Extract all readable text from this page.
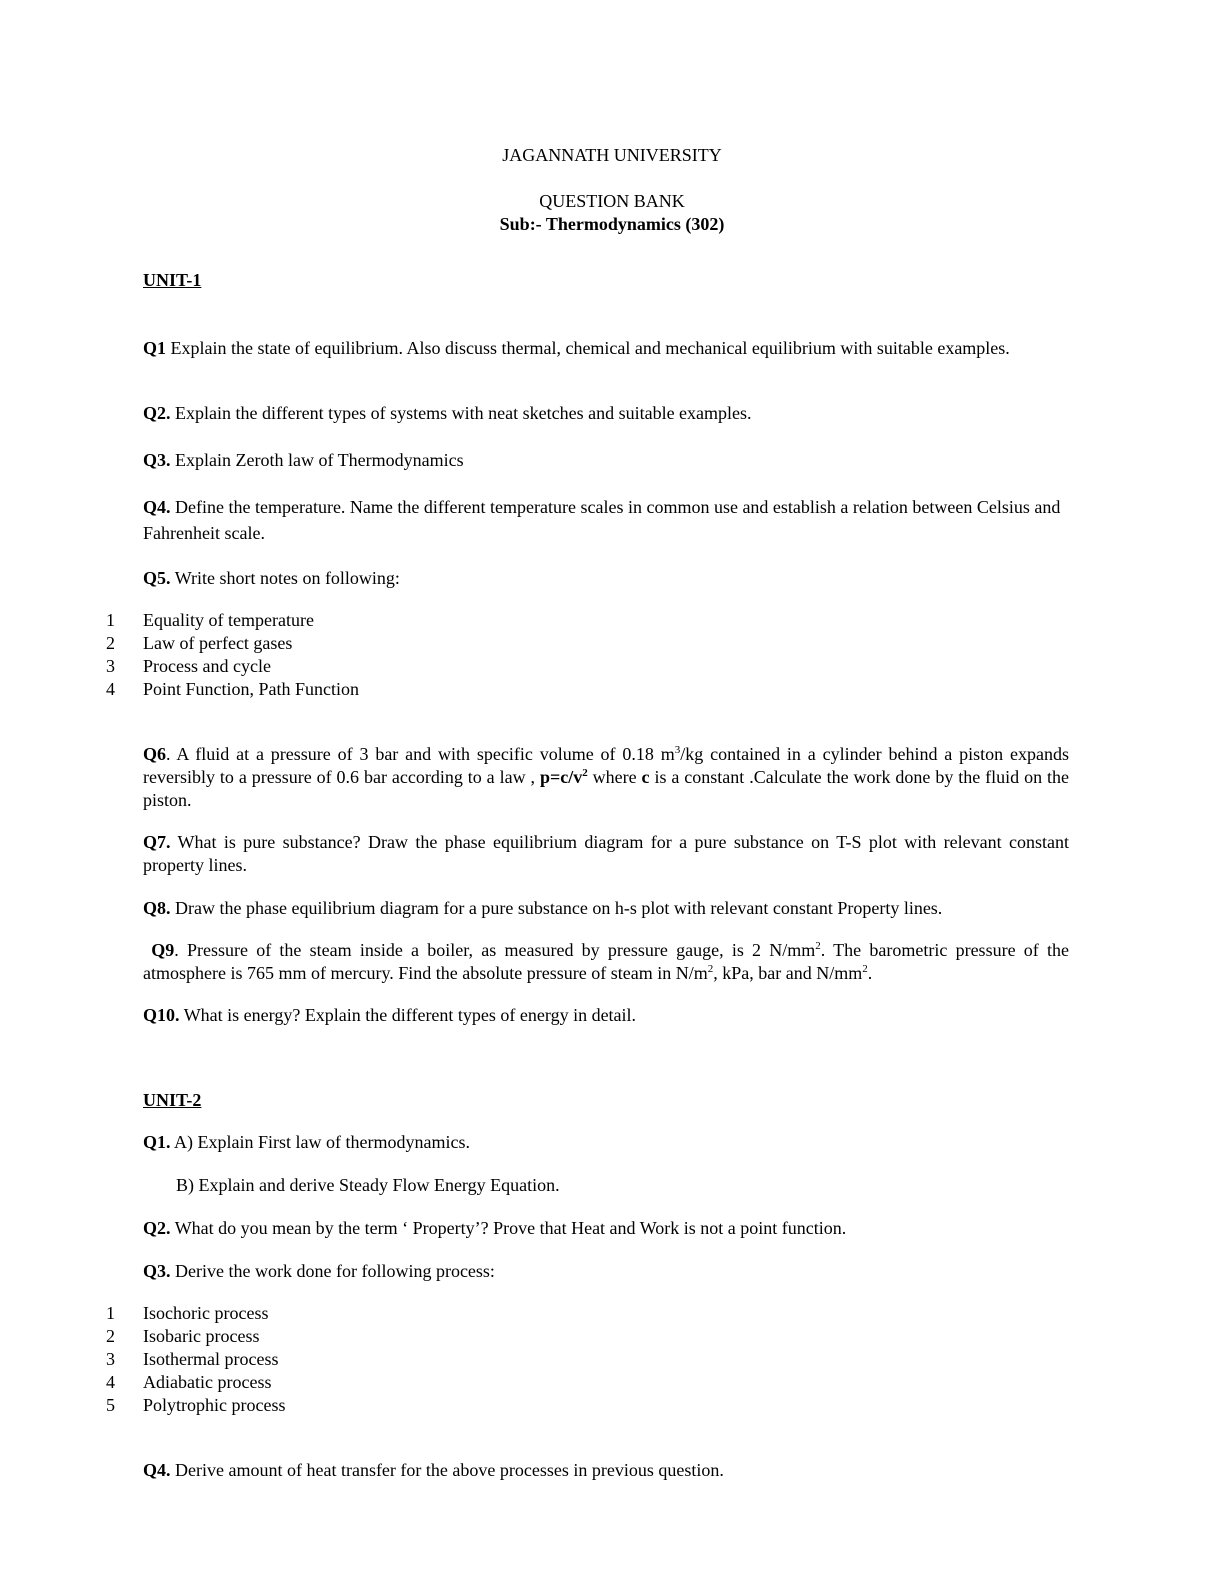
JAGANNATH UNIVERSITY
QUESTION BANK
Sub:- Thermodynamics (302)
UNIT-1
Q1 Explain the state of equilibrium. Also discuss thermal, chemical and mechanical equilibrium with suitable examples.
Q2. Explain the different types of systems with neat sketches and suitable examples.
Q3. Explain Zeroth law of Thermodynamics
Q4. Define the temperature. Name the different temperature scales in common use and establish a relation between Celsius and Fahrenheit scale.
Q5. Write short notes on following:
1 Equality of temperature
2 Law of perfect gases
3 Process and cycle
4 Point Function, Path Function
Q6. A fluid at a pressure of 3 bar and with specific volume of 0.18 $m^3/kg$ contained in a cylinder behind a piston expands reversibly to a pressure of 0.6 bar according to a law , $p=c/v^2$ where c is a constant .Calculate the work done by the fluid on the piston.
Q7. What is pure substance? Draw the phase equilibrium diagram for a pure substance on T-S plot with relevant constant property lines.
Q8. Draw the phase equilibrium diagram for a pure substance on h-s plot with relevant constant Property lines.
Q9. Pressure of the steam inside a boiler, as measured by pressure gauge, is 2 $N/mm^2$. The barometric pressure of the atmosphere is 765 mm of mercury. Find the absolute pressure of steam in $N/m^2$, kPa, bar and $N/mm^2$.
Q10. What is energy? Explain the different types of energy in detail.
UNIT-2
Q1. A) Explain First law of thermodynamics.
B) Explain and derive Steady Flow Energy Equation.
Q2. What do you mean by the term ‘ Property’? Prove that Heat and Work is not a point function.
Q3. Derive the work done for following process:
1 Isochoric process
2 Isobaric process
3 Isothermal process
4 Adiabatic process
5 Polytrophic process
Q4. Derive amount of heat transfer for the above processes in previous question.
